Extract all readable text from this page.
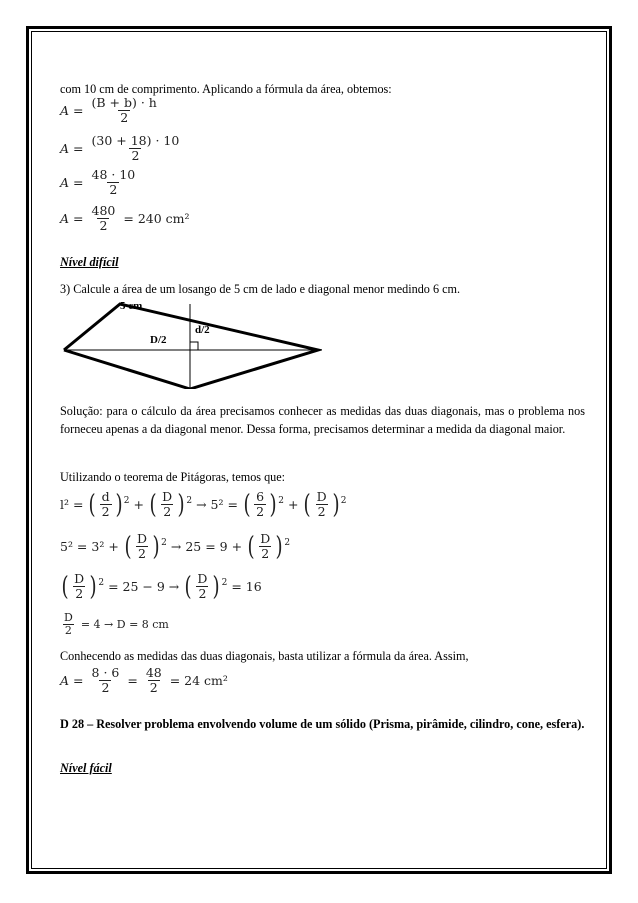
com 10 cm de comprimento. Aplicando a fórmula da área, obtemos:
$A = \frac{(B + b) \cdot h}{2}$
$A = \frac{(30 + 18) \cdot 10}{2}$
$A = \frac{48 \cdot 10}{2}$
$A = \frac{480}{2} = 240$ cm²
Nível difícil
3) Calcule a área de um losango de 5 cm de lado e diagonal menor medindo 6 cm.
5 cm
D/2
d/2
Solução: para o cálculo da área precisamos conhecer as medidas das duas diagonais, mas o problema nos forneceu apenas a da diagonal menor. Dessa forma, precisamos determinar a medida da diagonal maior.
Utilizando o teorema de Pitágoras, temos que:
l² = ( $\frac{d}{2} )^2$ + ( $\frac{D}{2} )^2 \to 5^2$ = ( $\frac{6}{2} )^2$ + ( $\frac{D}{2} )^2$
5² = 3² + ( $\frac{D}{2} )^2 \to 25 = 9$ + ( $\frac{D}{2} )^2$
( $\frac{D}{2} )^2 = 25 - 9$ → ( $\frac{D}{2} )^2 = 16$
$\frac{D}{2} = 4 \to D = 8$ cm
Conhecendo as medidas das duas diagonais, basta utilizar a fórmula da área. Assim,
$A = \frac{8 \cdot 6}{2} = \frac{48}{2} = 24$ cm²
D 28 – Resolver problema envolvendo volume de um sólido (Prisma, pirâmide, cilindro, cone, esfera).
Nível fácil
